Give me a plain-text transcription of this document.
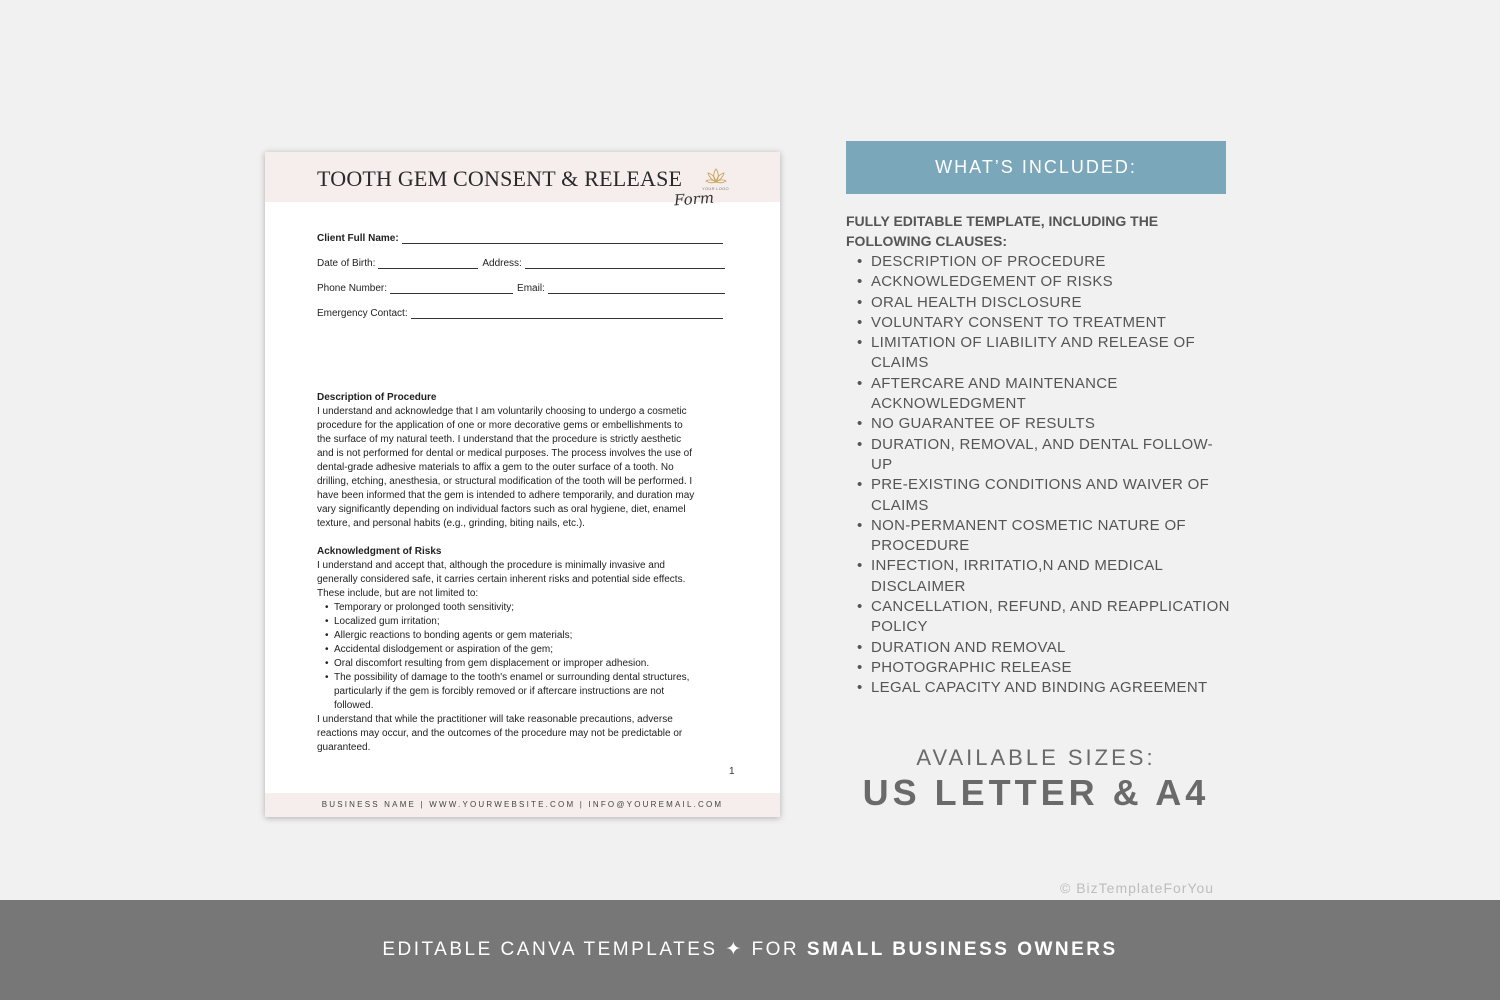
TOOTH GEM CONSENT & RELEASE
Form
YOUR LOGO
Client Full Name:
Date of Birth:	Address:
Phone Number:	Email:
Emergency Contact:
Description of Procedure

I understand and acknowledge that I am voluntarily choosing to undergo a cosmetic

procedure for the application of one or more decorative gems or embellishments to

the surface of my natural teeth. I understand that the procedure is strictly aesthetic

and is not performed for dental or medical purposes. The process involves the use of

dental-grade adhesive materials to affix a gem to the outer surface of a tooth. No

drilling, etching, anesthesia, or structural modification of the tooth will be performed. I

have been informed that the gem is intended to adhere temporarily, and duration may

vary significantly depending on individual factors such as oral hygiene, diet, enamel

texture, and personal habits (e.g., grinding, biting nails, etc.).

Acknowledgment of Risks

I understand and accept that, although the procedure is minimally invasive and

generally considered safe, it carries certain inherent risks and potential side effects.

These include, but are not limited to:

• Temporary or prolonged tooth sensitivity;
• Localized gum irritation;
• Allergic reactions to bonding agents or gem materials;
• Accidental dislodgement or aspiration of the gem;
• Oral discomfort resulting from gem displacement or improper adhesion.
• The possibility of damage to the tooth's enamel or surrounding dental structures,
particularly if the gem is forcibly removed or if aftercare instructions are not
followed.

I understand that while the practitioner will take reasonable precautions, adverse

reactions may occur, and the outcomes of the procedure may not be predictable or

guaranteed.

1
BUSINESS NAME | WWW.YOURWEBSITE.COM | INFO@YOUREMAIL.COM
WHAT’S INCLUDED:
FULLY EDITABLE TEMPLATE, INCLUDING THE
FOLLOWING CLAUSES:
• DESCRIPTION OF PROCEDURE
• ACKNOWLEDGEMENT OF RISKS
• ORAL HEALTH DISCLOSURE
• VOLUNTARY CONSENT TO TREATMENT
• LIMITATION OF LIABILITY AND RELEASE OF
CLAIMS
• AFTERCARE AND MAINTENANCE
ACKNOWLEDGMENT
• NO GUARANTEE OF RESULTS
• DURATION, REMOVAL, AND DENTAL FOLLOW-UP
• PRE-EXISTING CONDITIONS AND WAIVER OF
CLAIMS
• NON-PERMANENT COSMETIC NATURE OF
PROCEDURE
• INFECTION, IRRITATIO,N AND MEDICAL
DISCLAIMER
• CANCELLATION, REFUND, AND REAPPLICATION
POLICY
• DURATION AND REMOVAL
• PHOTOGRAPHIC RELEASE
• LEGAL CAPACITY AND BINDING AGREEMENT
AVAILABLE SIZES:
US LETTER & A4
© BizTemplateForYou
EDITABLE CANVA TEMPLATES ✦ FOR SMALL BUSINESS OWNERS
